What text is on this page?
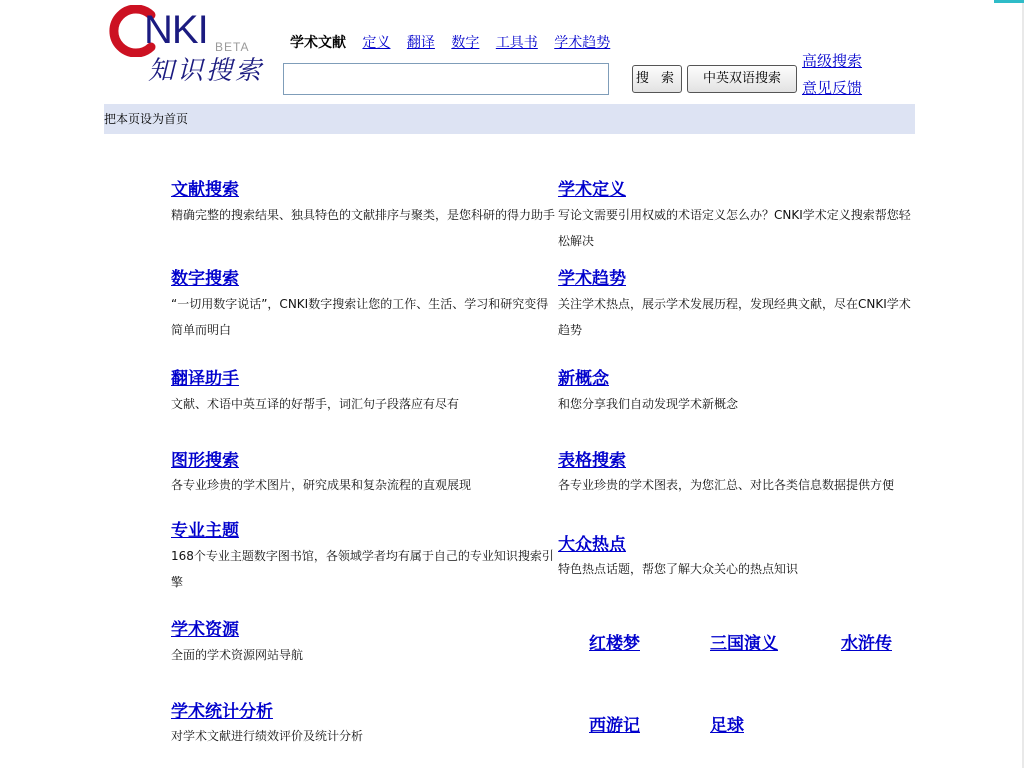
NKI BETA
知识搜索
学术文献 定义 翻译 数字 工具书 学术趋势
搜 索	中英双语搜索
高级搜索
意见反馈
把本页设为首页
文献搜索
精确完整的搜索结果、独具特色的文献排序与聚类，是您科研的得力助手
数字搜索
“一切用数字说话”，CNKI数字搜索让您的工作、生活、学习和研究变得简单而明白
翻译助手
文献、术语中英互译的好帮手，词汇句子段落应有尽有
图形搜索
各专业珍贵的学术图片，研究成果和复杂流程的直观展现
专业主题
168个专业主题数字图书馆，各领域学者均有属于自己的专业知识搜索引擎
学术资源
全面的学术资源网站导航
学术统计分析
对学术文献进行绩效评价及统计分析
学术定义
写论文需要引用权威的术语定义怎么办？CNKI学术定义搜索帮您轻松解决
学术趋势
关注学术热点，展示学术发展历程，发现经典文献，尽在CNKI学术趋势
新概念
和您分享我们自动发现学术新概念
表格搜索
各专业珍贵的学术图表，为您汇总、对比各类信息数据提供方便
大众热点
特色热点话题，帮您了解大众关心的热点知识
红楼梦	三国演义	水浒传
西游记	足球
